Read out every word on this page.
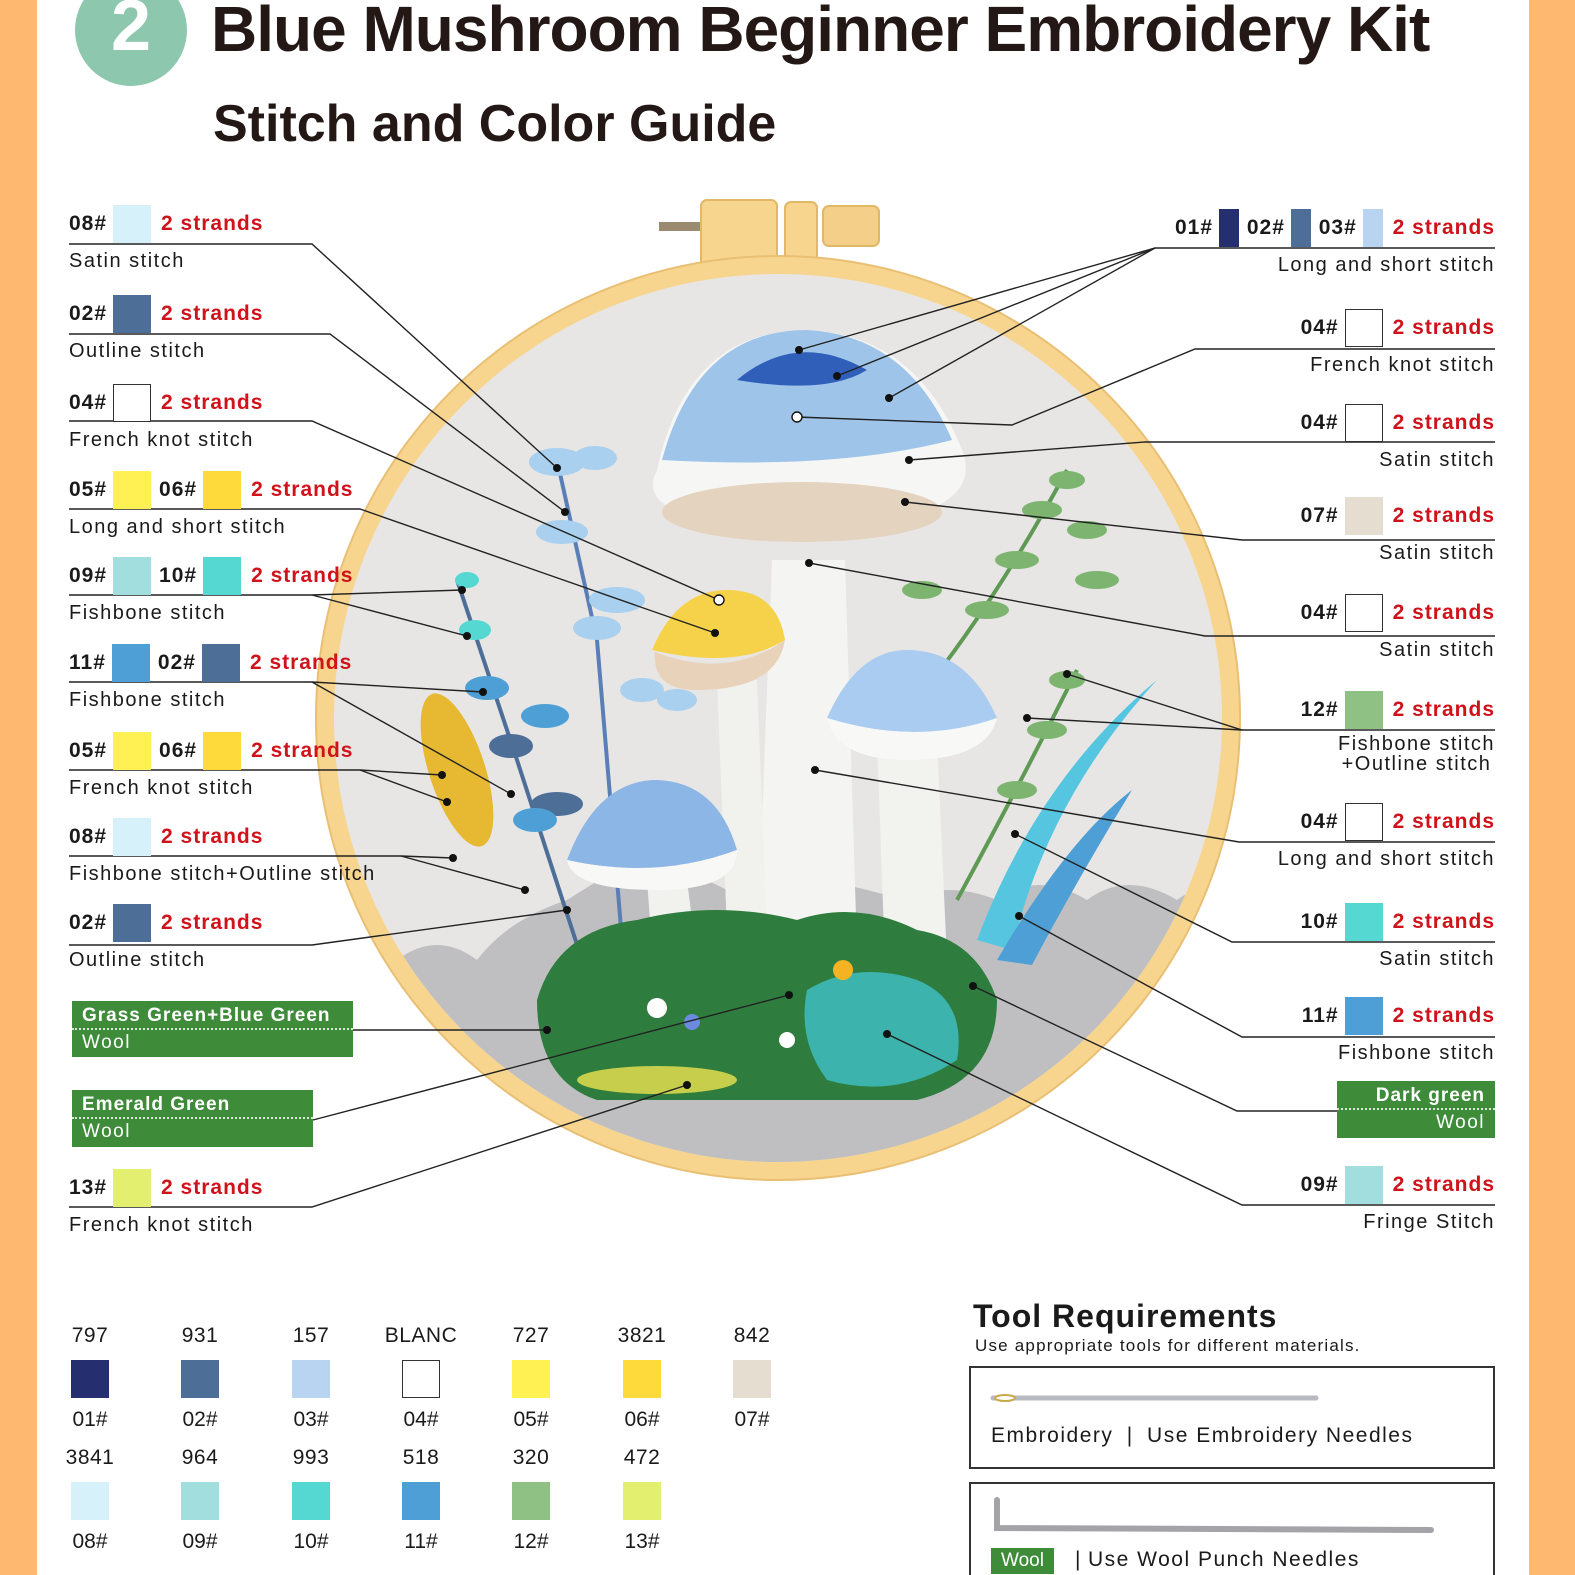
2 Blue Mushroom Beginner Embroidery Kit
Stitch and Color Guide
08#	2 strands
Satin stitch
02#	2 strands
Outline stitch
04#	2 strands
French knot stitch
05# 06#	2 strands
Long and short stitch
09# 10#	2 strands
Fishbone stitch
11# 02#	2 strands
Fishbone stitch
05# 06#	2 strands
French knot stitch
08#	2 strands
Fishbone stitch+Outline stitch
02#	2 strands
Outline stitch
13#	2 strands
French knot stitch
01# 02# 03# 2 strands
Long and short stitch
04#	2 strands
French knot stitch
04#	2 strands
Satin stitch
07#	2 strands
Satin stitch
04#	2 strands
Satin stitch
12#	2 strands
Fishbone stitch
+Outline stitch
04#	2 strands
Long and short stitch
10#	2 strands
Satin stitch
11#	2 strands
Fishbone stitch
09#	2 strands
Fringe Stitch
Grass Green+Blue Green
Wool
Emerald Green
Wool
Dark green
Wool
797
01#
931
02#
157
03#
BLANC
04#
727
05#
3821
06#
842
07#
3841
08#
964
09#
993
10#
518
11#
320
12#
472
13#
Tool Requirements
Use appropriate tools for different materials.
Embroidery | Use Embroidery Needles
Wool	| Use Wool Punch Needles
